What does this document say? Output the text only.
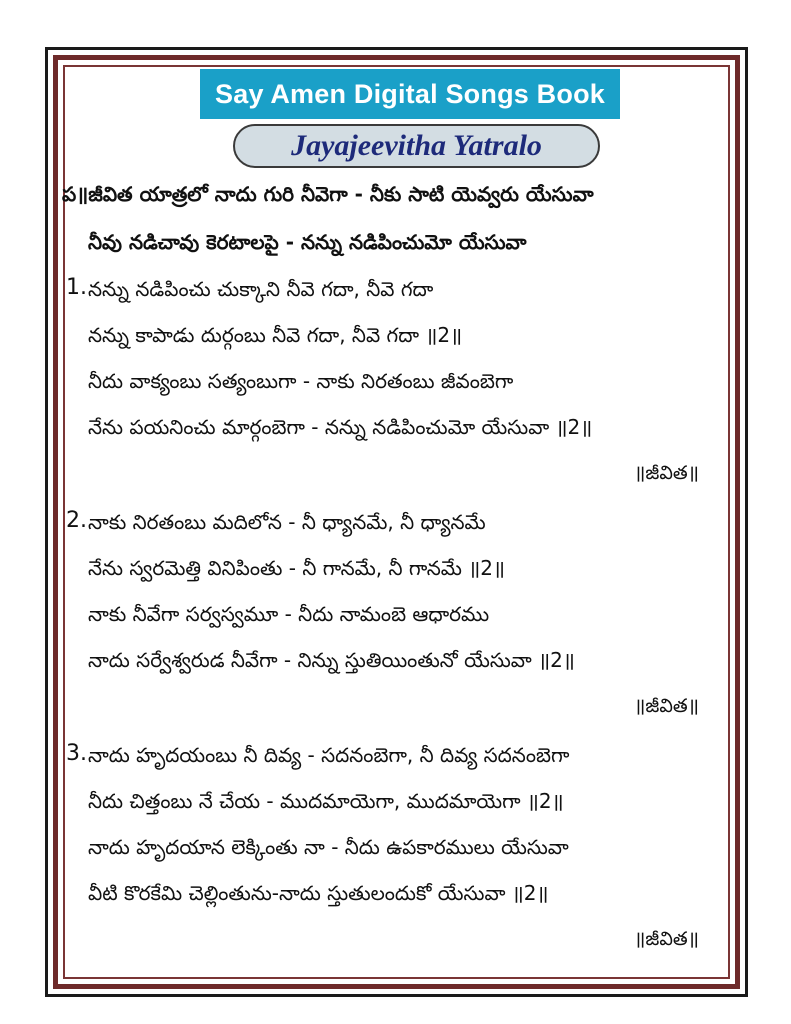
Say Amen Digital Songs Book
Jayajeevitha Yatralo
ప॥జీవిత యాత్రలో నాదు గురి నీవెగా - నీకు సాటి యెవ్వరు యేసువా
నీవు నడిచావు కెరటాలపై - నన్ను నడిపించుమో యేసువా
1. నన్ను నడిపించు చుక్కాని నీవె గదా, నీవె గదా
నన్ను కాపాడు దుర్గంబు నీవె గదా, నీవె గదా ॥2॥
నీదు వాక్యంబు సత్యంబుగా - నాకు నిరతంబు జీవంబెగా
నేను పయనించు మార్గంబెగా - నన్ను నడిపించుమో యేసువా ॥2॥
॥జీవిత॥
2. నాకు నిరతంబు మదిలోన - నీ ధ్యానమే, నీ ధ్యానమే
నేను స్వరమెత్తి వినిపింతు - నీ గానమే, నీ గానమే ॥2॥
నాకు నీవేగా సర్వస్వమూ - నీదు నామంబె ఆధారము
నాదు సర్వేశ్వరుడ నీవేగా - నిన్ను స్తుతియింతునో యేసువా ॥2॥
॥జీవిత॥
3. నాదు హృదయంబు నీ దివ్య - సదనంబెగా, నీ దివ్య సదనంబెగా
నీదు చిత్తంబు నే చేయ - ముదమాయెగా, ముదమాయెగా ॥2॥
నాదు హృదయాన లెక్కింతు నా - నీదు ఉపకారములు యేసువా
వీటి కొరకేమి చెల్లింతును-నాదు స్తుతులందుకో యేసువా ॥2॥
॥జీవిత॥
